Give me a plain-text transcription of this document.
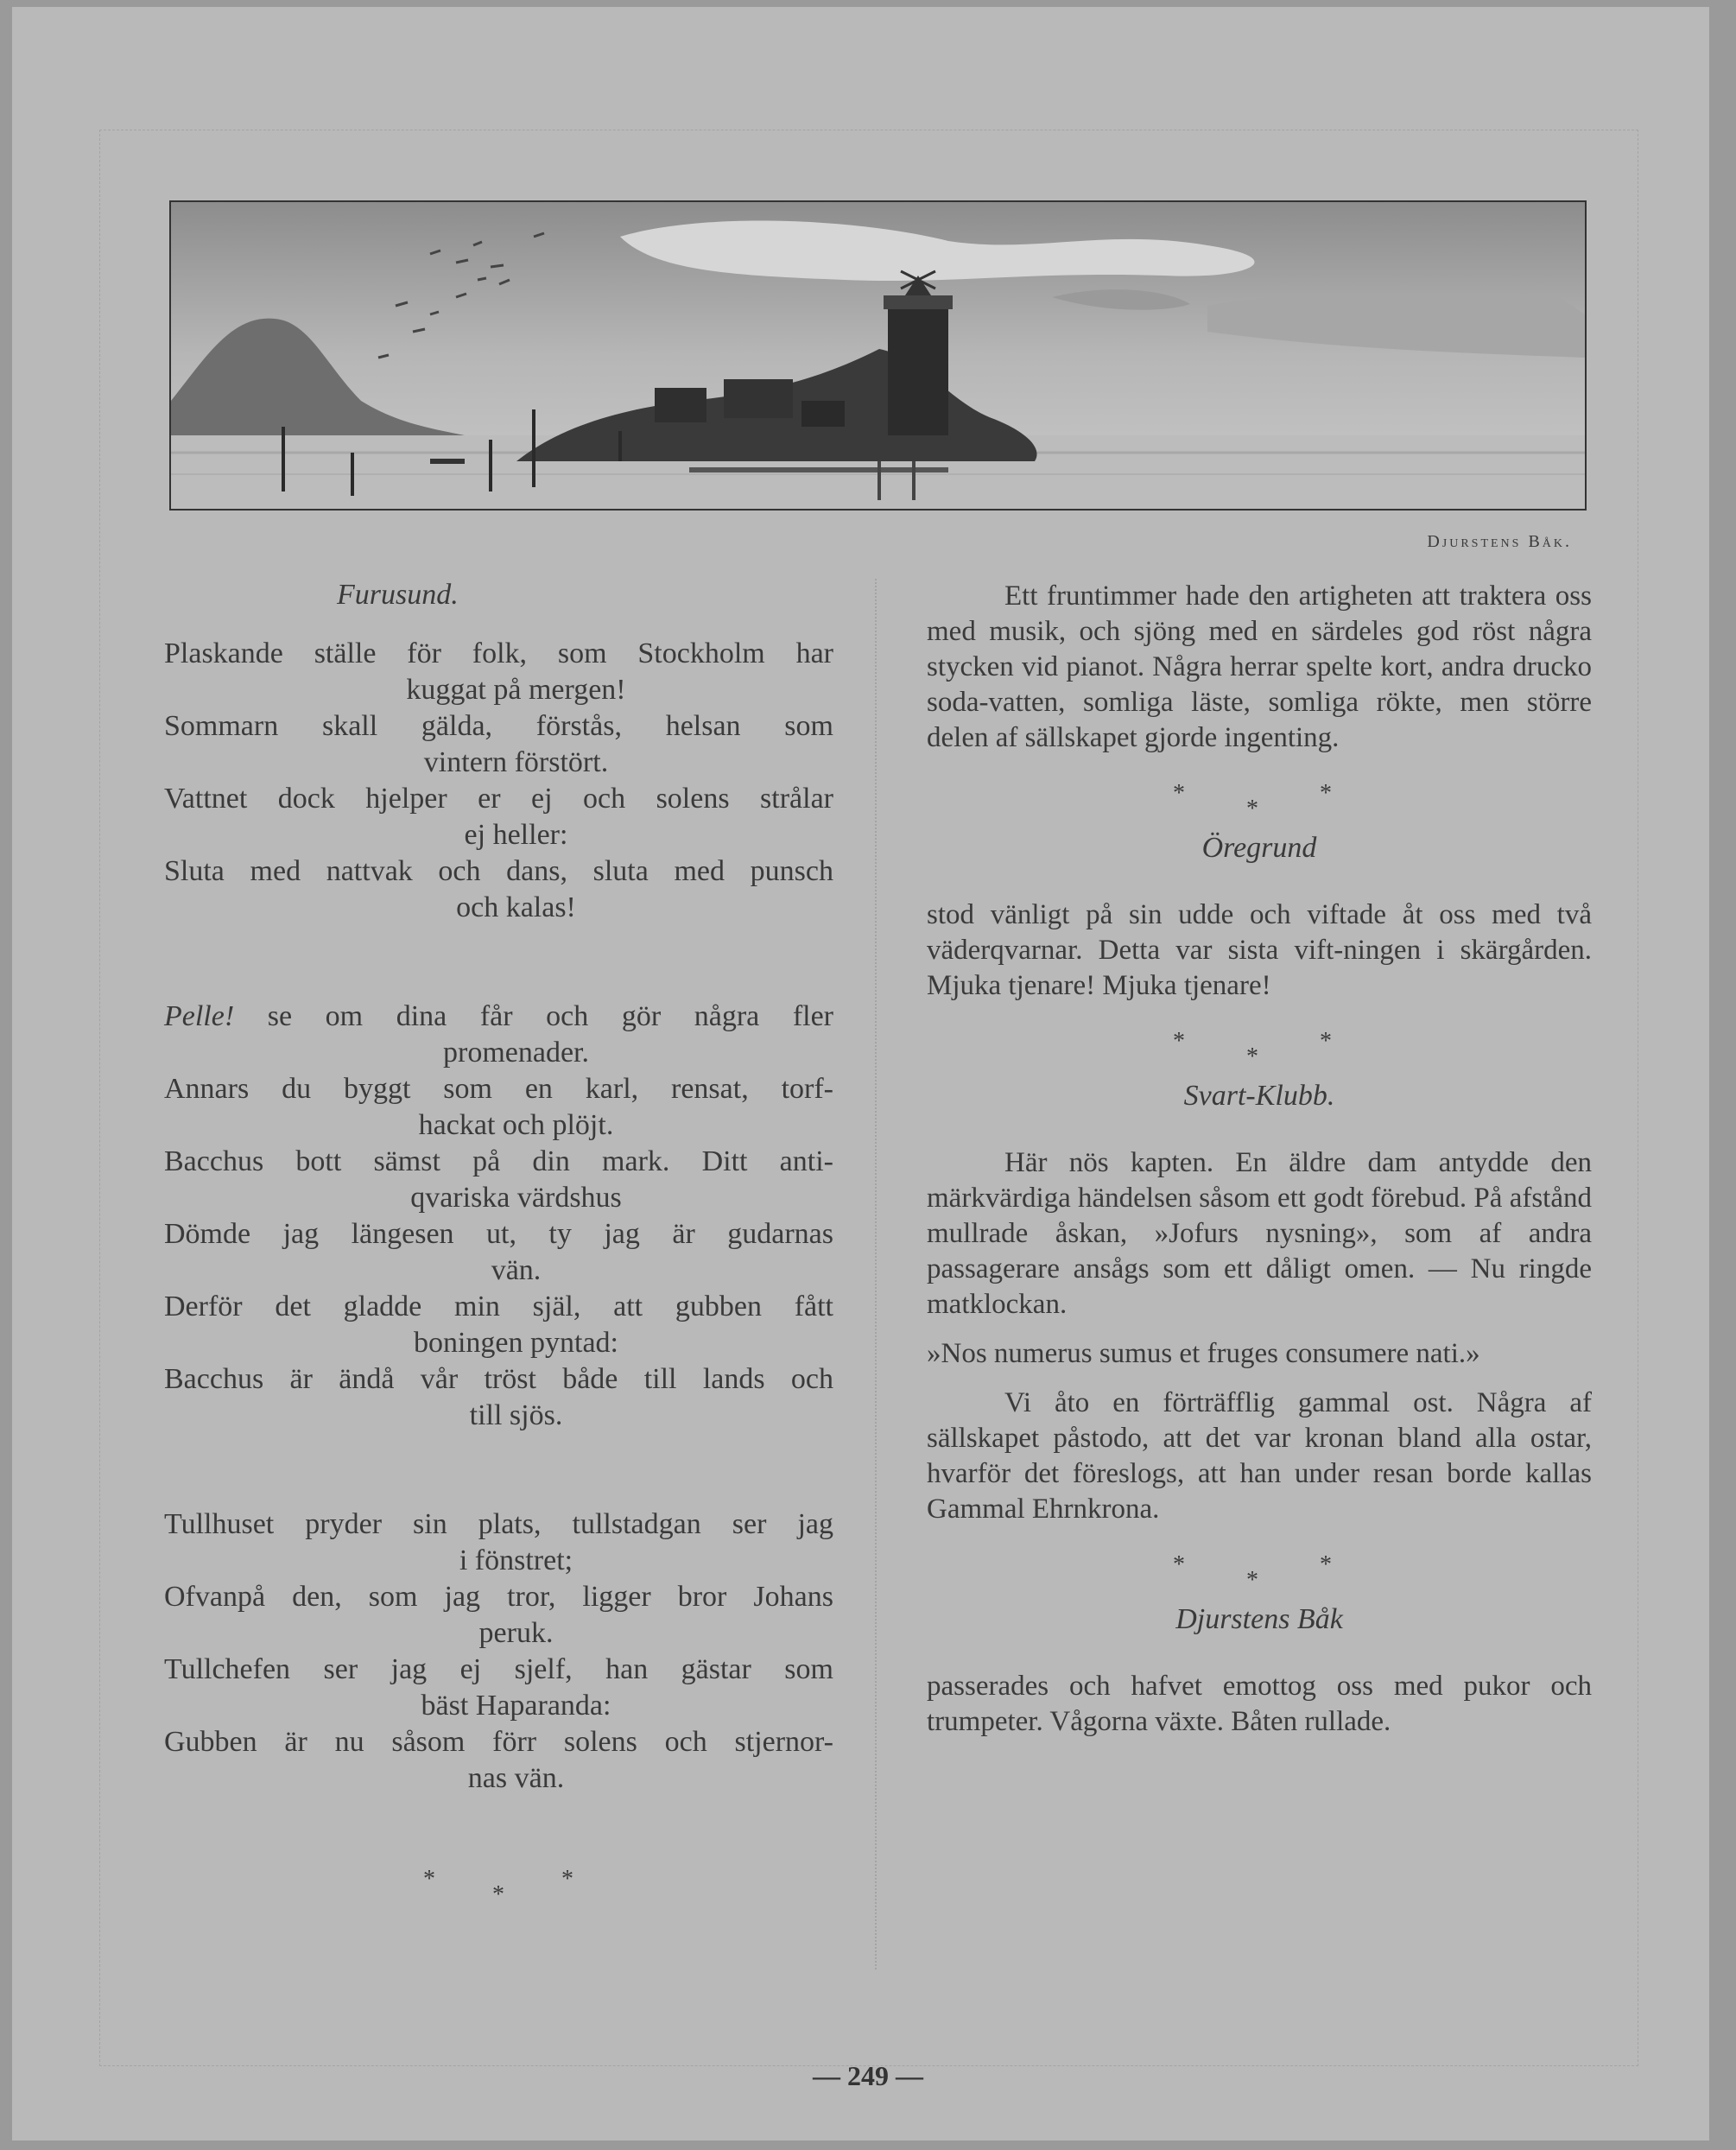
Djurstens Båk.

Furusund.

Plaskande ställe för folk, som Stockholm har

kuggat på mergen!

Sommarn skall gälda, förstås, helsan som

vintern förstört.

Vattnet dock hjelper er ej och solens strålar

ej heller:

Sluta med nattvak och dans, sluta med punsch

och kalas!

Pelle! se om dina får och gör några fler

promenader.

Annars du byggt som en karl, rensat, torf-

hackat och plöjt.

Bacchus bott sämst på din mark. Ditt anti-

qvariska värdshus

Dömde jag längesen ut, ty jag är gudarnas

vän.

Derför det gladde min själ, att gubben fått

boningen pyntad:

Bacchus är ändå vår tröst både till lands och

till sjös.

Tullhuset pryder sin plats, tullstadgan ser jag

i fönstret;

Ofvanpå den, som jag tror, ligger bror Johans

peruk.

Tullchefen ser jag ej sjelf, han gästar som

bäst Haparanda:

Gubben är nu såsom förr solens och stjernor-

nas vän.

*
*
*

Ett fruntimmer hade den artigheten att traktera oss med musik, och sjöng med en särdeles god röst några stycken vid pianot. Några herrar spelte kort, andra drucko soda-vatten, somliga läste, somliga rökte, men större delen af sällskapet gjorde ingenting.

*
*
*

Öregrund

stod vänligt på sin udde och viftade åt oss med två väderqvarnar. Detta var sista vift-ningen i skärgården. Mjuka tjenare! Mjuka tjenare!

*
*
*

Svart-Klubb.

Här nös kapten. En äldre dam antydde den märkvärdiga händelsen såsom ett godt förebud. På afstånd mullrade åskan, »Jofurs nysning», som af andra passagerare ansågs som ett dåligt omen. — Nu ringde matklockan.

»Nos numerus sumus et fruges consumere nati.»

Vi åto en förträfflig gammal ost. Några af sällskapet påstodo, att det var kronan bland alla ostar, hvarför det föreslogs, att han under resan borde kallas Gammal Ehrnkrona.

*
*
*

Djurstens Båk

passerades och hafvet emottog oss med pukor och trumpeter. Vågorna växte. Båten rullade.

— 249 —
